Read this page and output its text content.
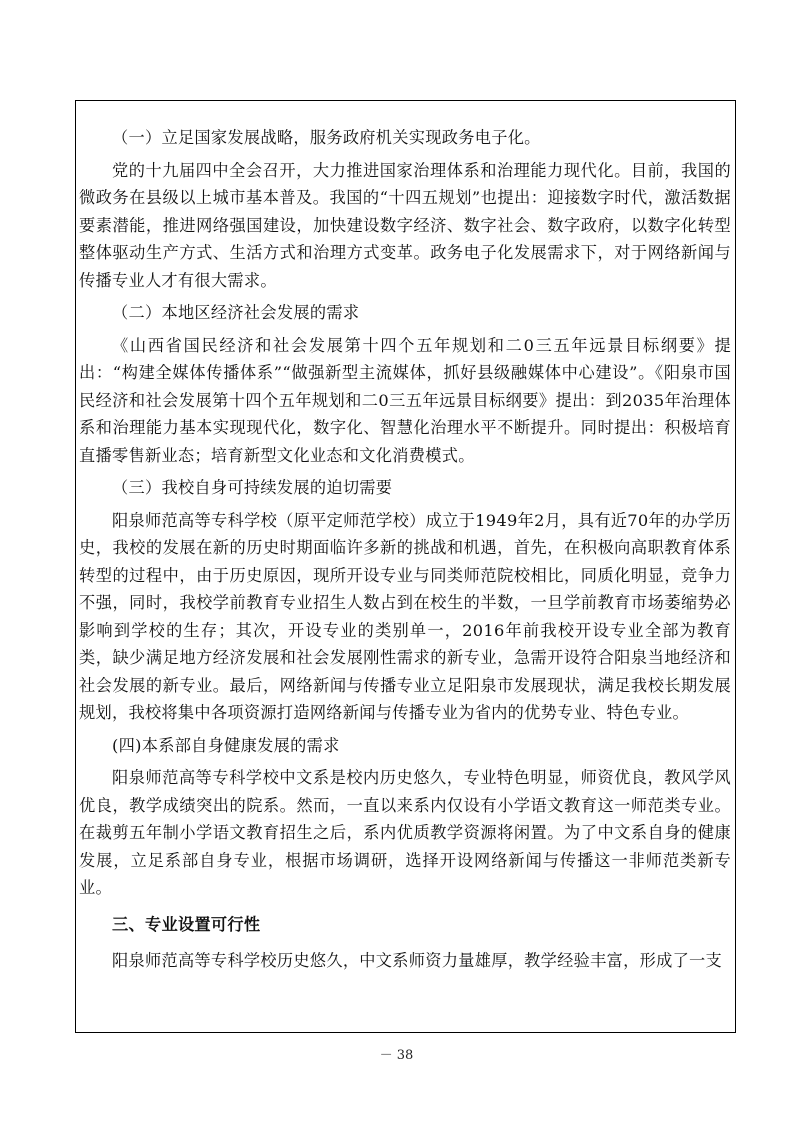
（一）立足国家发展战略，服务政府机关实现政务电子化。

党的十九届四中全会召开，大力推进国家治理体系和治理能力现代化。目前，我国的微政务在县级以上城市基本普及。我国的“十四五规划”也提出：迎接数字时代，激活数据要素潜能，推进网络强国建设，加快建设数字经济、数字社会、数字政府，以数字化转型整体驱动生产方式、生活方式和治理方式变革。政务电子化发展需求下，对于网络新闻与传播专业人才有很大需求。

（二）本地区经济社会发展的需求

《山西省国民经济和社会发展第十四个五年规划和二0三五年远景目标纲要》提出：“构建全媒体传播体系”“做强新型主流媒体，抓好县级融媒体中心建设”。《阳泉市国民经济和社会发展第十四个五年规划和二0三五年远景目标纲要》提出：到2035年治理体系和治理能力基本实现现代化，数字化、智慧化治理水平不断提升。同时提出：积极培育直播零售新业态；培育新型文化业态和文化消费模式。

（三）我校自身可持续发展的迫切需要

阳泉师范高等专科学校（原平定师范学校）成立于1949年2月，具有近70年的办学历史，我校的发展在新的历史时期面临许多新的挑战和机遇，首先，在积极向高职教育体系转型的过程中，由于历史原因，现所开设专业与同类师范院校相比，同质化明显，竞争力不强，同时，我校学前教育专业招生人数占到在校生的半数，一旦学前教育市场萎缩势必影响到学校的生存；其次，开设专业的类别单一，2016年前我校开设专业全部为教育类，缺少满足地方经济发展和社会发展刚性需求的新专业，急需开设符合阳泉当地经济和社会发展的新专业。最后，网络新闻与传播专业立足阳泉市发展现状，满足我校长期发展规划，我校将集中各项资源打造网络新闻与传播专业为省内的优势专业、特色专业。

(四)本系部自身健康发展的需求

阳泉师范高等专科学校中文系是校内历史悠久，专业特色明显，师资优良，教风学风优良，教学成绩突出的院系。然而，一直以来系内仅设有小学语文教育这一师范类专业。在裁剪五年制小学语文教育招生之后，系内优质教学资源将闲置。为了中文系自身的健康发展，立足系部自身专业，根据市场调研，选择开设网络新闻与传播这一非师范类新专业。

三、专业设置可行性

阳泉师范高等专科学校历史悠久，中文系师资力量雄厚，教学经验丰富，形成了一支

－ 38
